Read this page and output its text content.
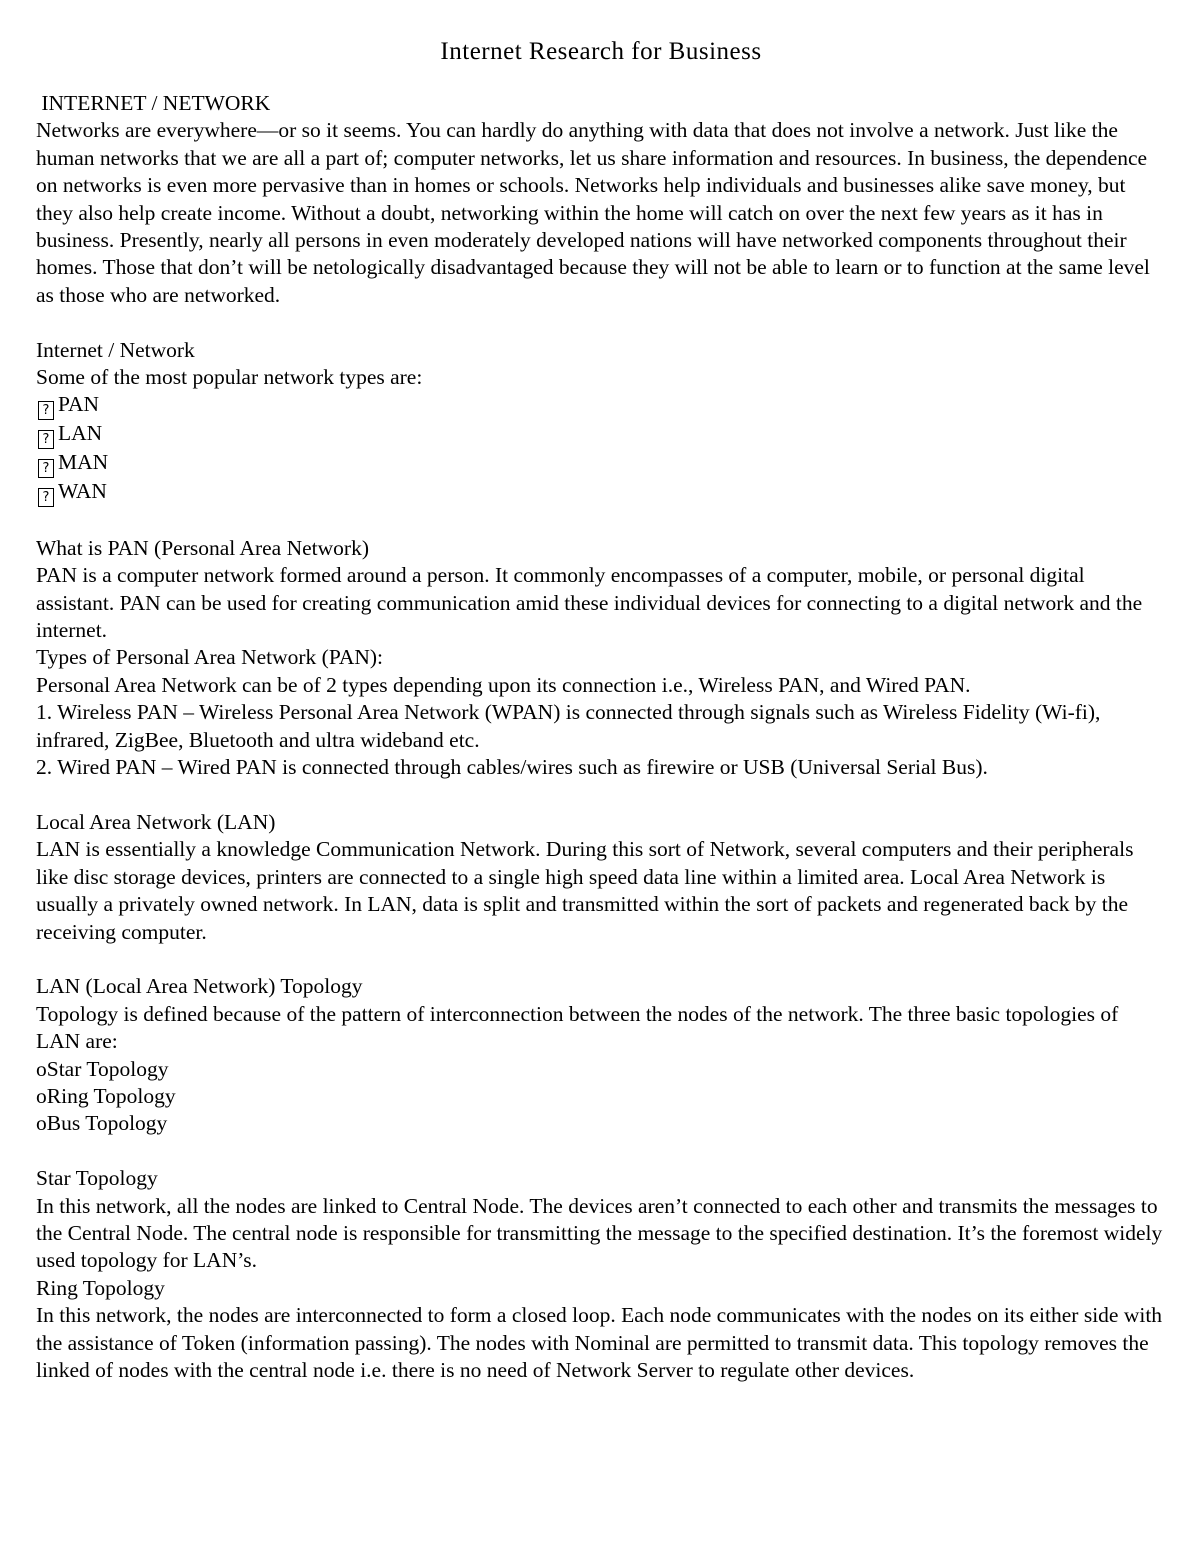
Internet Research for Business
INTERNET / NETWORK
Networks are everywhere—or so it seems. You can hardly do anything with data that does not involve a network. Just like the human networks that we are all a part of; computer networks, let us share information and resources. In business, the dependence on networks is even more pervasive than in homes or schools. Networks help individuals and businesses alike save money, but they also help create income. Without a doubt, networking within the home will catch on over the next few years as it has in business. Presently, nearly all persons in even moderately developed nations will have networked components throughout their homes. Those that don’t will be netologically disadvantaged because they will not be able to learn or to function at the same level as those who are networked.
Internet / Network
Some of the most popular network types are:
? PAN
? LAN
? MAN
? WAN
What is PAN (Personal Area Network)
PAN is a computer network formed around a person. It commonly encompasses of a computer, mobile, or personal digital assistant. PAN can be used for creating communication amid these individual devices for connecting to a digital network and the internet.
Types of Personal Area Network (PAN):
Personal Area Network can be of 2 types depending upon its connection i.e., Wireless PAN, and Wired PAN.
1. Wireless PAN – Wireless Personal Area Network (WPAN) is connected through signals such as Wireless Fidelity (Wi-fi), infrared, ZigBee, Bluetooth and ultra wideband etc.
2. Wired PAN – Wired PAN is connected through cables/wires such as firewire or USB (Universal Serial Bus).
Local Area Network (LAN)
LAN is essentially a knowledge Communication Network. During this sort of Network, several computers and their peripherals like disc storage devices, printers are connected to a single high speed data line within a limited area. Local Area Network is usually a privately owned network. In LAN, data is split and transmitted within the sort of packets and regenerated back by the receiving computer.
LAN (Local Area Network) Topology
Topology is defined because of the pattern of interconnection between the nodes of the network. The three basic topologies of LAN are:
oStar Topology
oRing Topology
oBus Topology
Star Topology
In this network, all the nodes are linked to Central Node. The devices aren’t connected to each other and transmits the messages to the Central Node. The central node is responsible for transmitting the message to the specified destination. It’s the foremost widely used topology for LAN’s.
Ring Topology
In this network, the nodes are interconnected to form a closed loop. Each node communicates with the nodes on its either side with the assistance of Token (information passing). The nodes with Nominal are permitted to transmit data. This topology removes the linked of nodes with the central node i.e. there is no need of Network Server to regulate other devices.
